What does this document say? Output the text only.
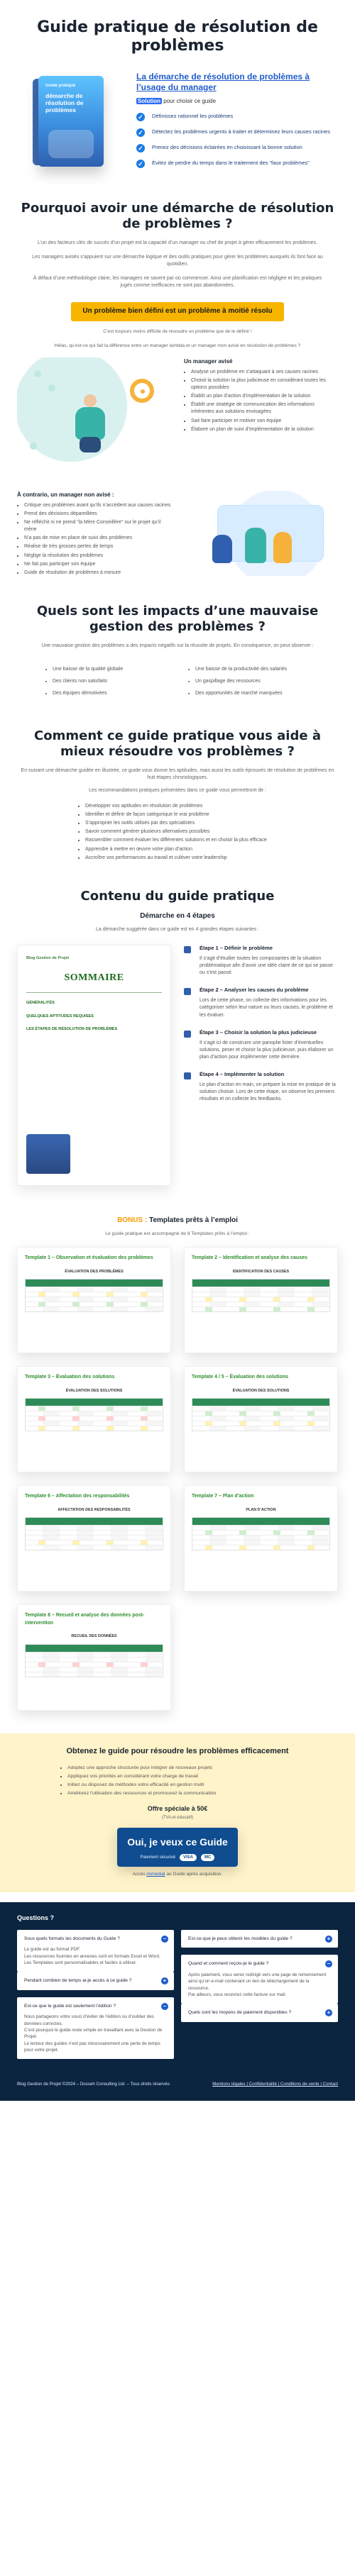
Guide pratique de résolution de problèmes
Guide pratique
démarche de résolution de problèmes
La démarche de résolution de problèmes à l’usage du manager
Solution pour choisir ce guide
✓ Définissez rationnel les problèmes
✓ Détectez les problèmes urgents à traiter et déterminez leurs causes racines
✓ Prenez des décisions éclairées en choisissant la bonne solution
✓ Évitez de perdre du temps dans le traitement des “faux problèmes”
Pourquoi avoir une démarche de résolution de problèmes ?
L’un des facteurs clés de succès d’un projet est la capacité d’un manager ou chef de projet à gérer efficacement les problèmes.
Les managers avisés s’appuient sur une démarche logique et des outils pratiques pour gérer les problèmes auxquels ils font face au quotidien.
À défaut d’une méthodologie claire, les managers ne savent par où commencer. Ainsi une planification est négligée et les pratiques jugés comme inefficaces ne sont pas abandonnées.
Un problème bien défini est un problème à moitié résolu
C’est toujours moins difficile de résoudre un problème que de le définir !
Hélas, qu’est-ce qui fait la différence entre un manager lambda et un manager mon avisé en résolution de problèmes ?
Un manager avisé
• Analyse un problème en s’attaquant à ses causes racines
• Choisit la solution la plus judicieuse en considérant toutes les options possibles
• Établit un plan d’action d’implémentation de la solution
• Établit une stratégie de communication des informations inhérentes aux solutions envisagées
• Sait faire participer et motiver son équipe
• Élabore un plan de suivi d’implémentation de la solution
À contrario, un manager non avisé :
• Critique ses problèmes avant qu’ils n’accèdent aux causes racines
• Prend des décisions dépareillées
• Ne réfléchit ni ne prend “la Mère Conseillère” sur le projet qu’il mène
• N’a pas de mise en place de suivi des problèmes
• Réalise de très grosses pertes de temps
• Néglige la résolution des problèmes
• Ne fait pas participer son équipe
• Guide de résolution de problèmes à mesure
Quels sont les impacts d’une mauvaise gestion des problèmes ?
Une mauvaise gestion des problèmes a des impacts négatifs sur la réussite de projets. En conséquence, on peut observer :
• Une baisse de la qualité globale
• Des clients non satisfaits
• Des équipes démotivées
• Une baisse de la productivité des salariés
• Un gaspillage des ressources
• Des opportunités de marché manquées
Comment ce guide pratique vous aide à mieux résoudre vos problèmes ?
En suivant une démarche guidée en illustrée, ce guide vous donne les aptitudes, mais aussi les outils éprouvés de résolution de problèmes en huit étapes chronologiques.
Les recommandations pratiques présentées dans ce guide vous permettront de :
• Développer vos aptitudes en résolution de problèmes
• Identifier et définir de façon catégorique le vrai problème
• S’approprier les outils utilisés par des spécialistes
• Savoir comment générer plusieurs alternatives possibles
• Rassembler comment évaluer les différentes solutions et en choisir la plus efficace
• Apprendre à mettre en œuvre votre plan d’action
• Accroître vos performances au travail et cultiver votre leadership
Contenu du guide pratique
Démarche en 4 étapes
La démarche suggérée dans ce guide est en 4 grandes étapes suivantes :
Blog Gestion de Projet
SOMMAIRE
GÉNÉRALITÉS
QUELQUES APTITUDES REQUISES
LES ÉTAPES DE RÉSOLUTION DE PROBLÈMES
Étape 1 – Définir le problème

Il s’agit d’étudier toutes les composantes de la situation problématique afin d’avoir une idée claire de ce qui se passe ou s’est passé.

Étape 2 – Analyser les causes du problème

Lors de cette phase, on collecte des informations pour les catégoriser selon leur nature ou leurs causes, le problème et les évaluer.

Étape 3 – Choisir la solution la plus judicieuse

Il s’agit ici de construire une panoplie lister d’éventuelles solutions, peser et choisir la plus judicieuse, puis élaborer un plan d’action pour implémenter cette dernière.

Étape 4 – Implémenter la solution

Le plan d’action en main, on prépare la mise en pratique de la solution choisie. Lors de cette étape, on observe les premiers résultats et on collecte les feedbacks.

BONUS : Templates prêts à l’emploi
Le guide pratique est accompagné de 8 Templates prêts à l’emploi :
Template 1 – Observation et évaluation des problèmes
ÉVALUATION DES PROBLÈMES
Template 2 – Identification et analyse des causes
IDENTIFICATION DES CAUSES
Template 3 – Évaluation des solutions
ÉVALUATION DES SOLUTIONS
Template 4 / 5 – Évaluation des solutions
ÉVALUATION DES SOLUTIONS
Template 6 – Affectation des responsabilités
AFFECTATION DES RESPONSABILITÉS
Template 7 – Plan d’action
PLAN D’ACTION
Template 8 – Recueil et analyse des données post-intervention
RECUEIL DES DONNÉES
Obtenez le guide pour résoudre les problèmes efficacement
• Adoptez une approche structurée pour intégrer de nouveaux projets
• Appliquez vos priorités en considérant votre charge de travail
• Initiez ou disposez de méthodes votre efficacité en gestion multi
• Améliorez l’utilisation des ressources et promouvez la communication
Offre spéciale à 50€
(TVA et éducatif)
Oui, je veux ce Guide
Paiement sécurisé	VISA	MC
Accès immédiat au Guide après acquisition.
Questions ?
Sous quels formats les documents du Guide ?	–
Le guide est au format PDF.
Les ressources fournies en annexes sont en formats Excel et Word.
Les Templates sont personnalisables et faciles à utiliser.
Pendant combien de temps ai-je accès à ce guide ?	+
Est-ce que le guide est seulement l’édition ?	–
Nous partageons votre souci d’éviter de l’édition ou d’oublier des données correctes.
C’est pourquoi le guide reste simple en travaillant avec la Gestion de Projet.
Le lecteur des guides n’est pas nécessairement une perte de temps pour votre projet.
Est-ce-que je peux obtenir les modèles du guide ?	+
Quand et comment reçois-je le guide ?	–
Après paiement, vous serez redirigé vers une page de remerciement ainsi qu’un e-mail contenant un lien de téléchargement de la ressource.
Par ailleurs, vous recevrez cette facture sur mail.
Quels sont les moyens de paiement disponibles ?	+
Blog Gestion de Projet ©2024 – Dosseh Consulting Ltd. – Tous droits réservés	Mentions légales | Confidentialité | Conditions de vente | Contact
